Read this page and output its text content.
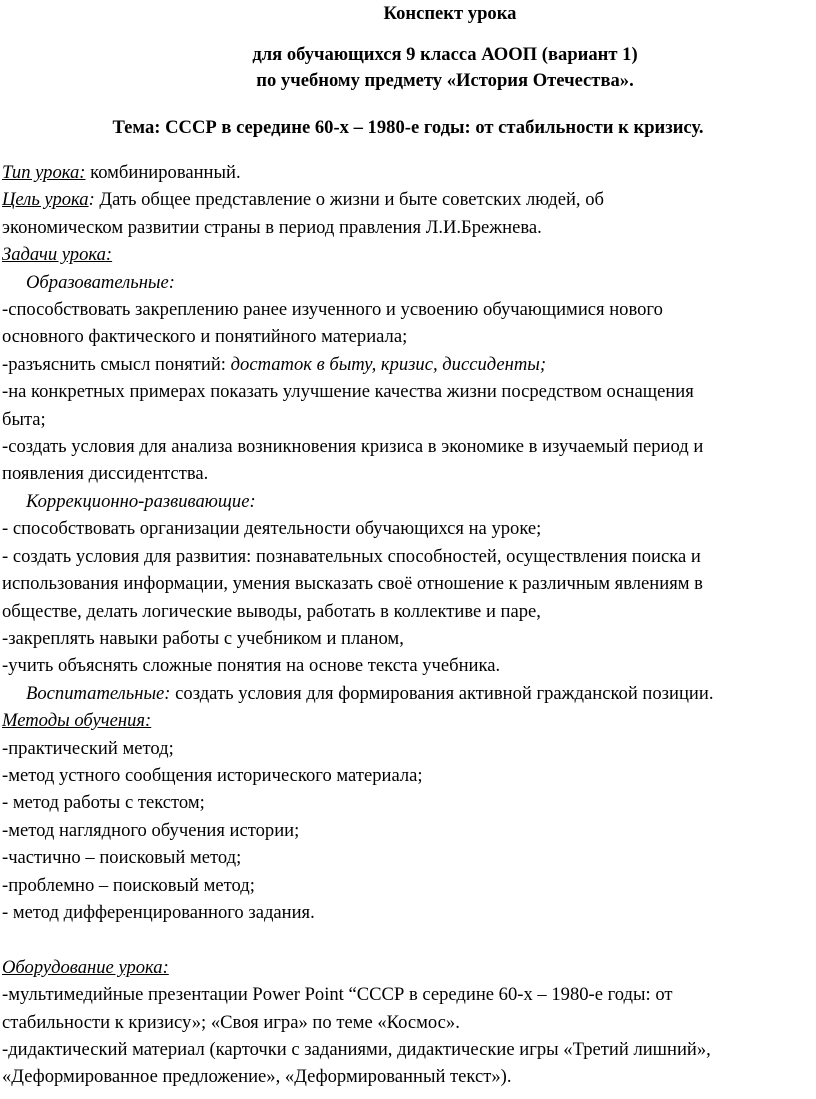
Конспект урока
для обучающихся 9 класса АООП (вариант 1)
по учебному предмету «История Отечества».
Тема: СССР в середине 60-х – 1980-е годы: от стабильности к кризису.

Тип урока: комбинированный.

Цель урока: Дать общее представление о жизни и быте советских людей, об

экономическом развитии страны в период правления Л.И.Брежнева.

Задачи урока:

Образовательные:

-способствовать закреплению ранее изученного и усвоению обучающимися нового

основного фактического и понятийного материала;

-разъяснить смысл понятий: достаток в быту, кризис, диссиденты;

-на конкретных примерах показать улучшение качества жизни посредством оснащения

быта;

-создать условия для анализа возникновения кризиса в экономике в изучаемый период и

появления диссидентства.

Коррекционно-развивающие:

- способствовать организации деятельности обучающихся на уроке;

- создать условия для развития: познавательных способностей, осуществления поиска и

использования информации, умения высказать своё отношение к различным явлениям в

обществе, делать логические выводы, работать в коллективе и паре,

-закреплять навыки работы с учебником и планом,

-учить объяснять сложные понятия на основе текста учебника.

Воспитательные: создать условия для формирования активной гражданской позиции.

Методы обучения:

-практический метод;

-метод устного сообщения исторического материала;

- метод работы с текстом;

-метод наглядного обучения истории;

-частично – поисковый метод;

-проблемно – поисковый метод;

- метод дифференцированного задания.

Оборудование урока:

-мультимедийные презентации Power Point “СССР в середине 60-х – 1980-е годы: от

стабильности к кризису»; «Своя игра» по теме «Космос».

-дидактический материал (карточки с заданиями, дидактические игры «Третий лишний»,

«Деформированное предложение», «Деформированный текст»).
